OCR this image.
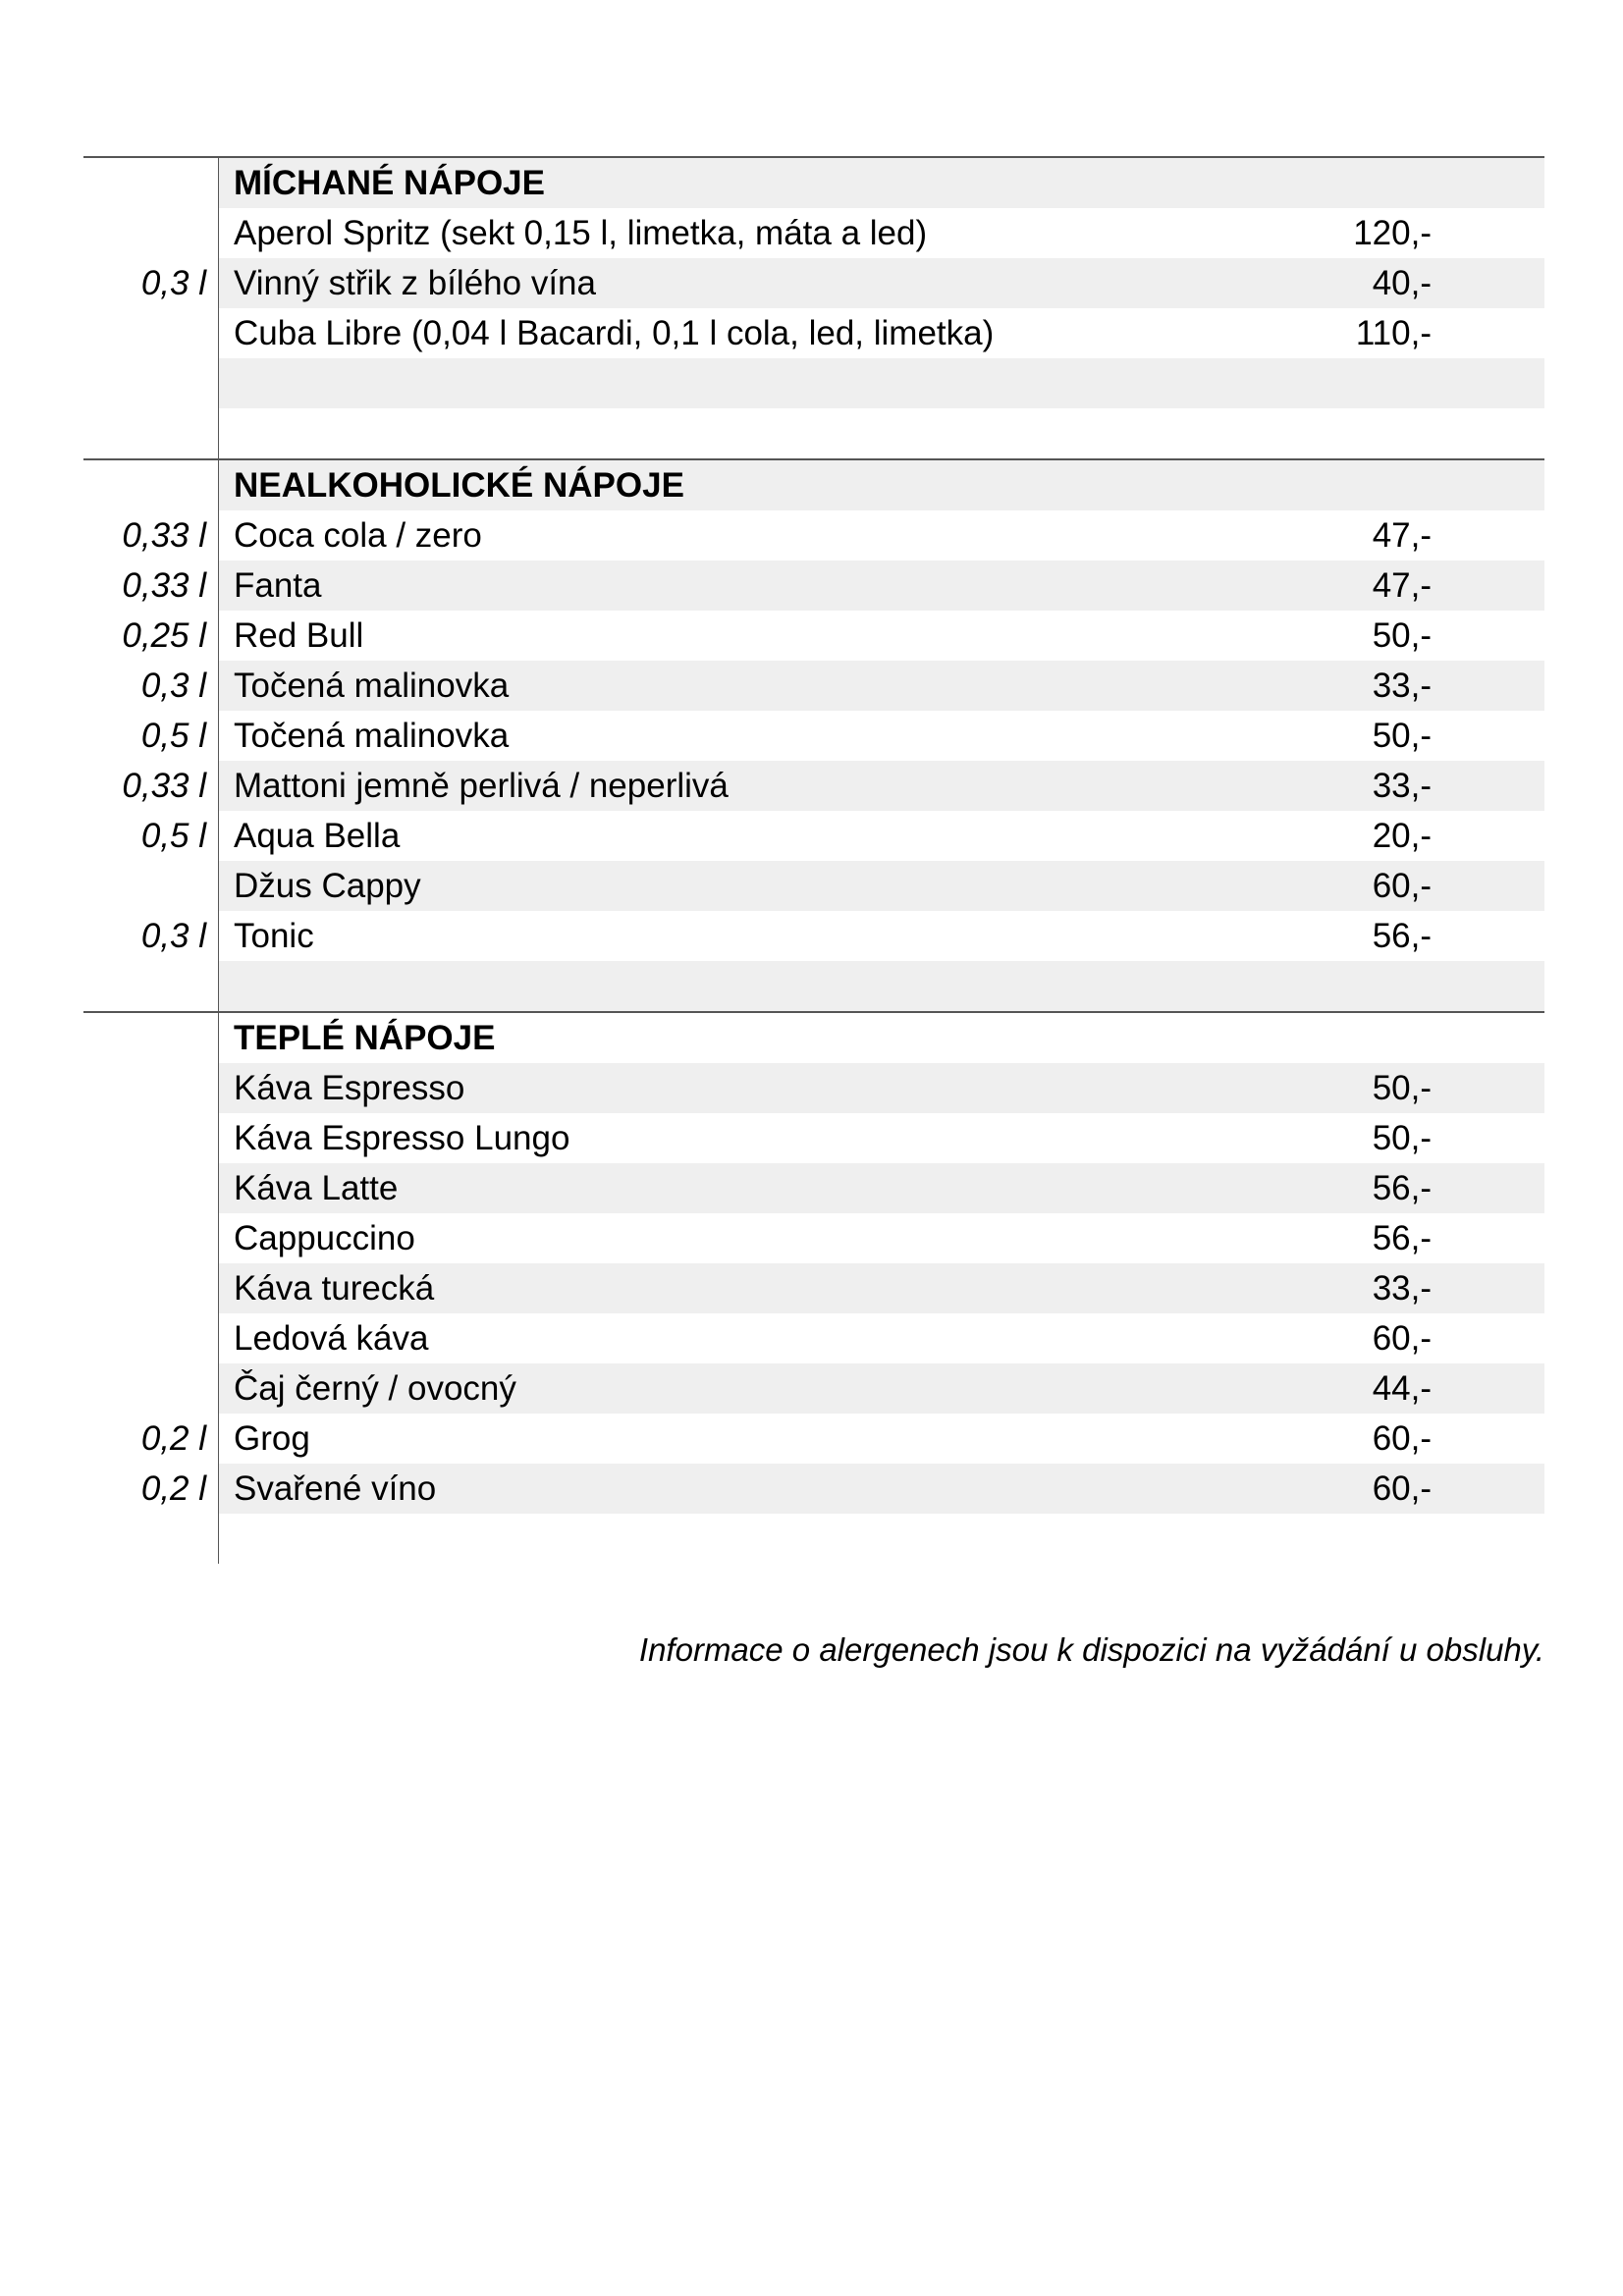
MÍCHANÉ NÁPOJE
Aperol Spritz (sekt 0,15 l, limetka, máta a led)	120,-
0,3 l Vinný střik z bílého vína	40,-
Cuba Libre (0,04 l Bacardi, 0,1 l cola, led, limetka)	110,-
NEALKOHOLICKÉ NÁPOJE
0,33 l Coca cola / zero	47,-
0,33 l Fanta	47,-
0,25 l Red Bull	50,-
0,3 l Točená malinovka	33,-
0,5 l Točená malinovka	50,-
0,33 l Mattoni jemně perlivá / neperlivá	33,-
0,5 l Aqua Bella	20,-
Džus Cappy	60,-
0,3 l Tonic	56,-
TEPLÉ NÁPOJE
Káva Espresso	50,-
Káva Espresso Lungo	50,-
Káva Latte	56,-
Cappuccino	56,-
Káva turecká	33,-
Ledová káva	60,-
Čaj černý / ovocný	44,-
0,2 l Grog	60,-
0,2 l Svařené víno	60,-
Informace o alergenech jsou k dispozici na vyžádání u obsluhy.
